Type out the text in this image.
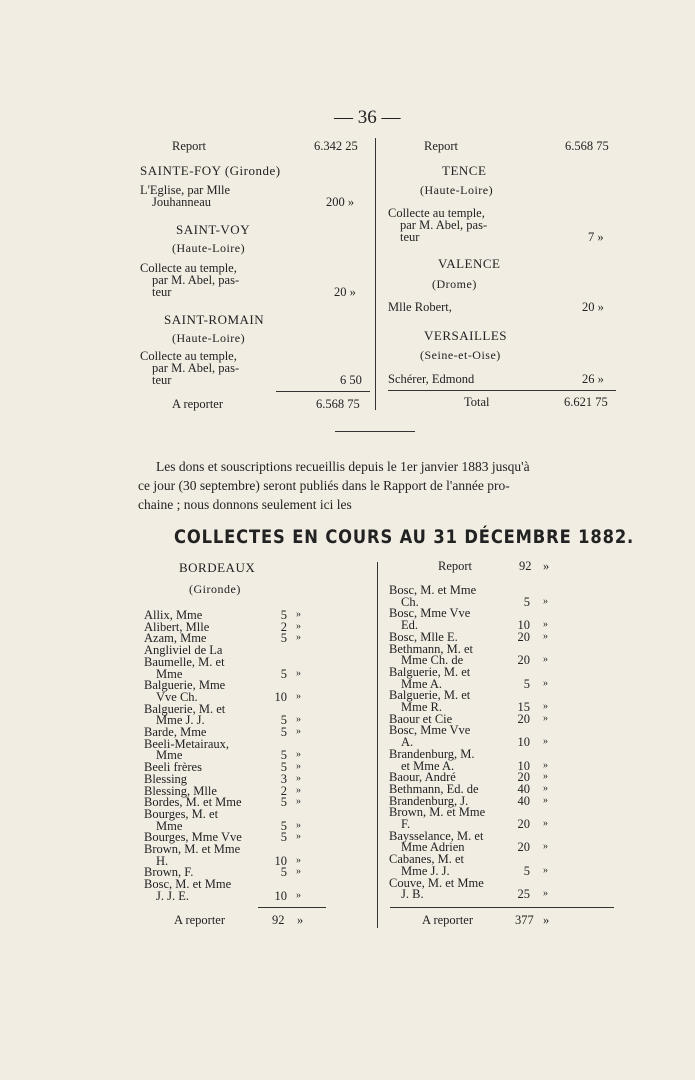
— 36 —
Report	6.342 25
SAINTE-FOY (Gironde)
L'Eglise, par Mlle
Jouhanneau	200 »
SAINT-VOY
(Haute-Loire)
Collecte au temple,
par M. Abel, pas-
teur	20 »
SAINT-ROMAIN
(Haute-Loire)
Collecte au temple,
par M. Abel, pas-
teur	6 50
A reporter	6.568 75
Report	6.568 75
TENCE
(Haute-Loire)
Collecte au temple,
par M. Abel, pas-
teur	7 »
VALENCE
(Drome)
Mlle Robert,	20 »
VERSAILLES
(Seine-et-Oise)
Schérer, Edmond	26 »
Total	6.621 75
Les dons et souscriptions recueillis depuis le 1er janvier 1883 jusqu'à
ce jour (30 septembre) seront publiés dans le Rapport de l'année pro-
chaine ; nous donnons seulement ici les
COLLECTES EN COURS AU 31 DÉCEMBRE 1882.
BORDEAUX
(Gironde)
Allix, Mme	5 »
Alibert, Mlle	2 »
Azam, Mme	5 »
Angliviel de La
Baumelle, M. et
Mme	5 »
Balguerie, Mme
Vve Ch.	10 »
Balguerie, M. et
Mme J. J.	5 »
Barde, Mme	5 »
Beeli-Metairaux,
Mme	5 »
Beeli frères	5 »
Blessing	3 »
Blessing, Mlle	2 »
Bordes, M. et Mme	5 »
Bourges, M. et
Mme	5 »
Bourges, Mme Vve	5 »
Brown, M. et Mme
H.	10 »
Brown, F.	5 »
Bosc, M. et Mme
J. J. E.	10 »
A reporter	92 »
Report	92 »
Bosc, M. et Mme
Ch.	5 »
Bosc, Mme Vve
Ed.	10 »
Bosc, Mlle E.	20 »
Bethmann, M. et
Mme Ch. de	20 »
Balguerie, M. et
Mme A.	5 »
Balguerie, M. et
Mme R.	15 »
Baour et Cie	20 »
Bosc, Mme Vve
A.	10 »
Brandenburg, M.
et Mme A.	10 »
Baour, André	20 »
Bethmann, Ed. de	40 »
Brandenburg, J.	40 »
Brown, M. et Mme
F.	20 »
Baysselance, M. et
Mme Adrien	20 »
Cabanes, M. et
Mme J. J.	5 »
Couve, M. et Mme
J. B.	25 »
A reporter	377 »
